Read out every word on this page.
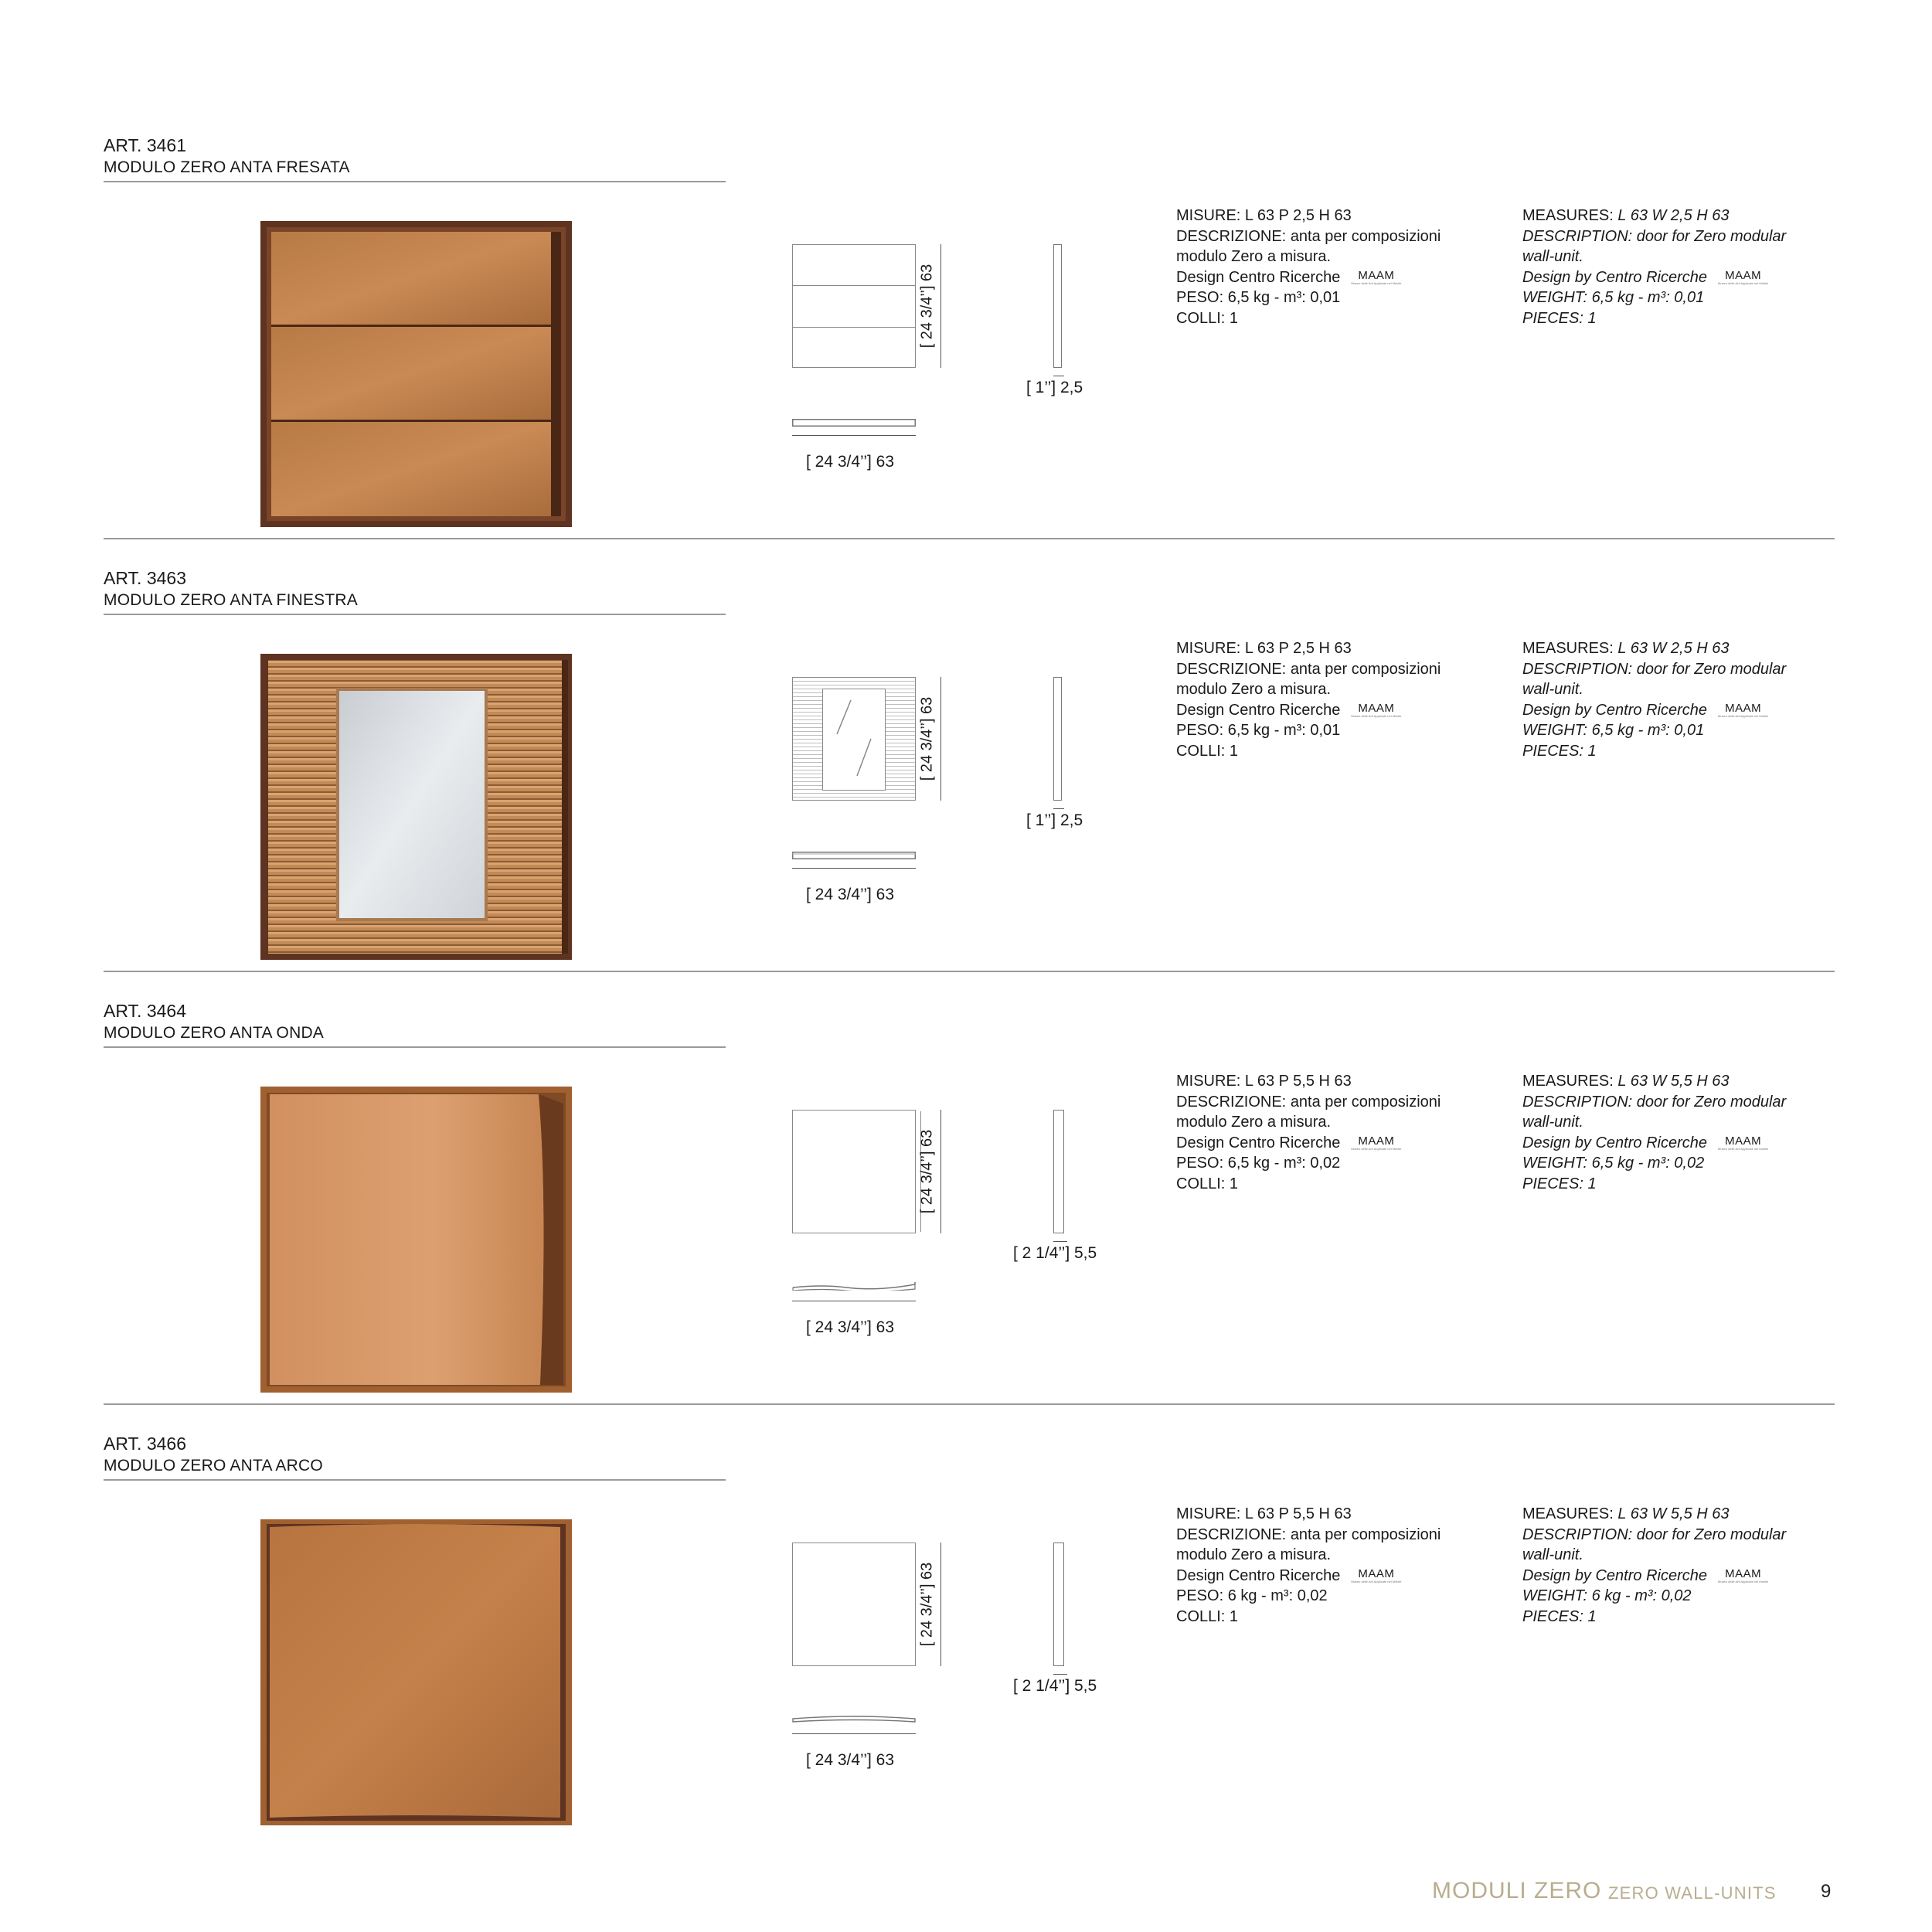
ART. 3461
MODULO ZERO ANTA FRESATA
[ 24 3/4’’] 63
[ 1’’] 2,5
[ 24 3/4’’] 63
MISURE:
L 63 P 2,5 H 63
DESCRIZIONE:
anta per composizioni
modulo Zero a misura.
Design Centro Ricerche MAAM
Museo delle Arti Applicate nel Mobile
PESO: 6,5 kg - m³: 0,01
COLLI: 1
MEASURES:
L 63 W 2,5 H 63
DESCRIPTION: door for Zero modular
wall-unit.
Design by Centro Ricerche MAAM
Museo delle Arti Applicate nel Mobile
WEIGHT: 6,5 kg - m³: 0,01
PIECES: 1
ART. 3463
MODULO ZERO ANTA FINESTRA
[ 24 3/4’’] 63
[ 1’’] 2,5
[ 24 3/4’’] 63
MISURE:
L 63 P 2,5 H 63
DESCRIZIONE:
anta per composizioni
modulo Zero a misura.
Design Centro Ricerche MAAM
Museo delle Arti Applicate nel Mobile
PESO: 6,5 kg - m³: 0,01
COLLI: 1
MEASURES:
L 63 W 2,5 H 63
DESCRIPTION: door for Zero modular
wall-unit.
Design by Centro Ricerche MAAM
Museo delle Arti Applicate nel Mobile
WEIGHT: 6,5 kg - m³: 0,01
PIECES: 1
ART. 3464
MODULO ZERO ANTA ONDA
[ 24 3/4’’] 63
[ 2 1/4’’] 5,5
[ 24 3/4’’] 63
MISURE:
L 63 P 5,5 H 63
DESCRIZIONE:
anta per composizioni
modulo Zero a misura.
Design Centro Ricerche MAAM
Museo delle Arti Applicate nel Mobile
PESO: 6,5 kg - m³: 0,02
COLLI: 1
MEASURES:
L 63 W 5,5 H 63
DESCRIPTION: door for Zero modular
wall-unit.
Design by Centro Ricerche MAAM
Museo delle Arti Applicate nel Mobile
WEIGHT: 6,5 kg - m³: 0,02
PIECES: 1
ART. 3466
MODULO ZERO ANTA ARCO
[ 24 3/4’’] 63
[ 2 1/4’’] 5,5
[ 24 3/4’’] 63
MISURE:
L 63 P 5,5 H 63
DESCRIZIONE:
anta per composizioni
modulo Zero a misura.
Design Centro Ricerche MAAM
Museo delle Arti Applicate nel Mobile
PESO: 6 kg - m³: 0,02
COLLI: 1
MEASURES:
L 63 W 5,5 H 63
DESCRIPTION: door for Zero modular
wall-unit.
Design by Centro Ricerche MAAM
Museo delle Arti Applicate nel Mobile
WEIGHT: 6 kg - m³: 0,02
PIECES: 1
MODULI ZERO ZERO WALL-UNITS 9
